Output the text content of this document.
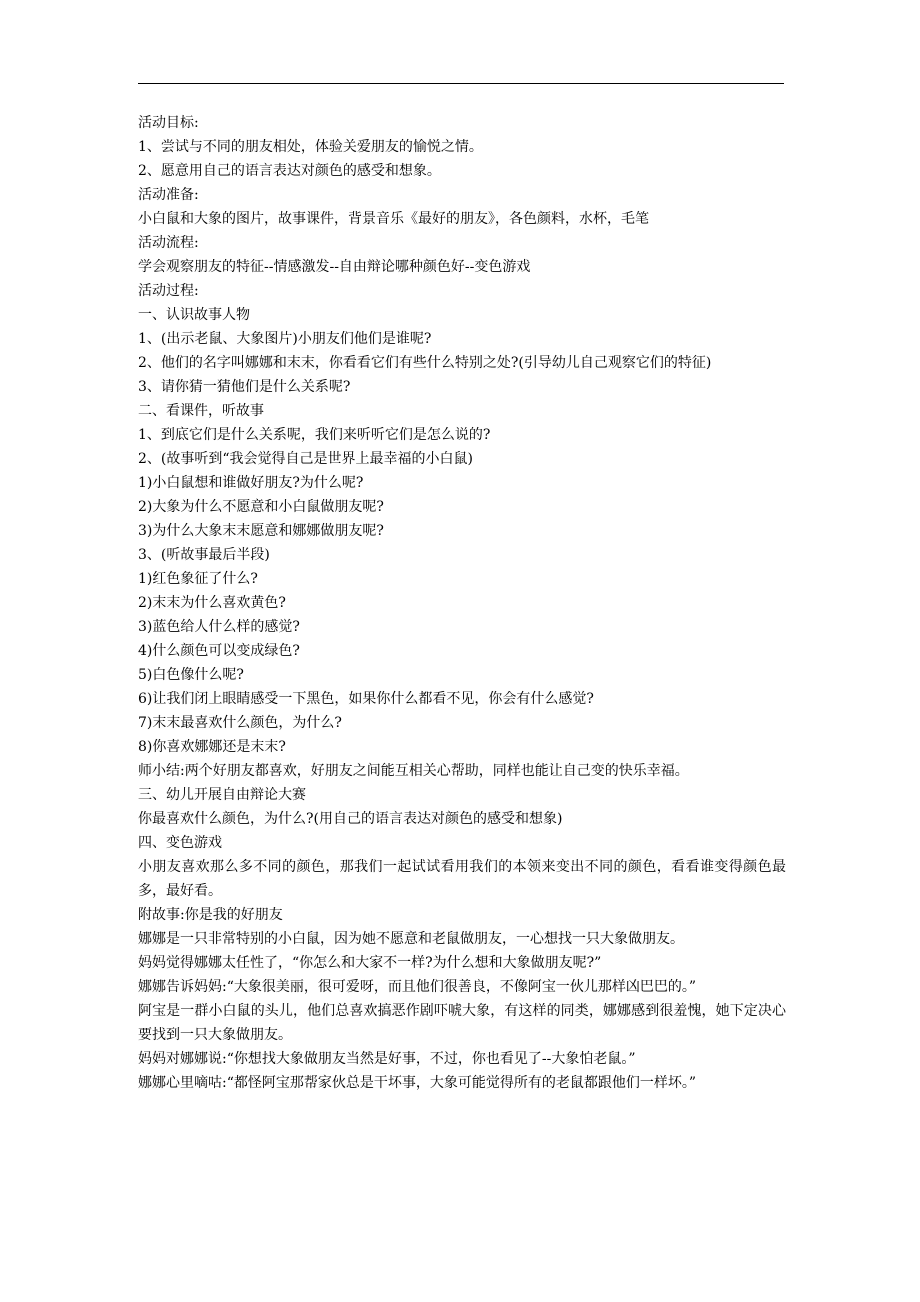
活动目标:

1、尝试与不同的朋友相处，体验关爱朋友的愉悦之情。

2、愿意用自己的语言表达对颜色的感受和想象。

活动准备:

小白鼠和大象的图片，故事课件，背景音乐《最好的朋友》，各色颜料，水杯，毛笔

活动流程:

学会观察朋友的特征--情感激发--自由辩论哪种颜色好--变色游戏

活动过程:

一、认识故事人物

1、(出示老鼠、大象图片)小朋友们他们是谁呢?

2、他们的名字叫娜娜和末末，你看看它们有些什么特别之处?(引导幼儿自己观察它们的特征)

3、请你猜一猜他们是什么关系呢?

二、看课件，听故事

1、到底它们是什么关系呢，我们来听听它们是怎么说的?

2、(故事听到“我会觉得自己是世界上最幸福的小白鼠)

1)小白鼠想和谁做好朋友?为什么呢?

2)大象为什么不愿意和小白鼠做朋友呢?

3)为什么大象末末愿意和娜娜做朋友呢?

3、(听故事最后半段)

1)红色象征了什么?

2)末末为什么喜欢黄色?

3)蓝色给人什么样的感觉?

4)什么颜色可以变成绿色?

5)白色像什么呢?

6)让我们闭上眼睛感受一下黑色，如果你什么都看不见，你会有什么感觉?

7)末末最喜欢什么颜色，为什么?

8)你喜欢娜娜还是末末?

师小结:两个好朋友都喜欢，好朋友之间能互相关心帮助，同样也能让自己变的快乐幸福。

三、幼儿开展自由辩论大赛

你最喜欢什么颜色，为什么?(用自己的语言表达对颜色的感受和想象)

四、变色游戏

小朋友喜欢那么多不同的颜色，那我们一起试试看用我们的本领来变出不同的颜色，看看谁变得颜色最多，最好看。

附故事:你是我的好朋友

娜娜是一只非常特别的小白鼠，因为她不愿意和老鼠做朋友，一心想找一只大象做朋友。

妈妈觉得娜娜太任性了，“你怎么和大家不一样?为什么想和大象做朋友呢?”

娜娜告诉妈妈:“大象很美丽，很可爱呀，而且他们很善良，不像阿宝一伙儿那样凶巴巴的。”

阿宝是一群小白鼠的头儿，他们总喜欢搞恶作剧吓唬大象，有这样的同类，娜娜感到很羞愧，她下定决心要找到一只大象做朋友。

妈妈对娜娜说:“你想找大象做朋友当然是好事，不过，你也看见了--大象怕老鼠。”

娜娜心里嘀咕:“都怪阿宝那帮家伙总是干坏事，大象可能觉得所有的老鼠都跟他们一样坏。”
